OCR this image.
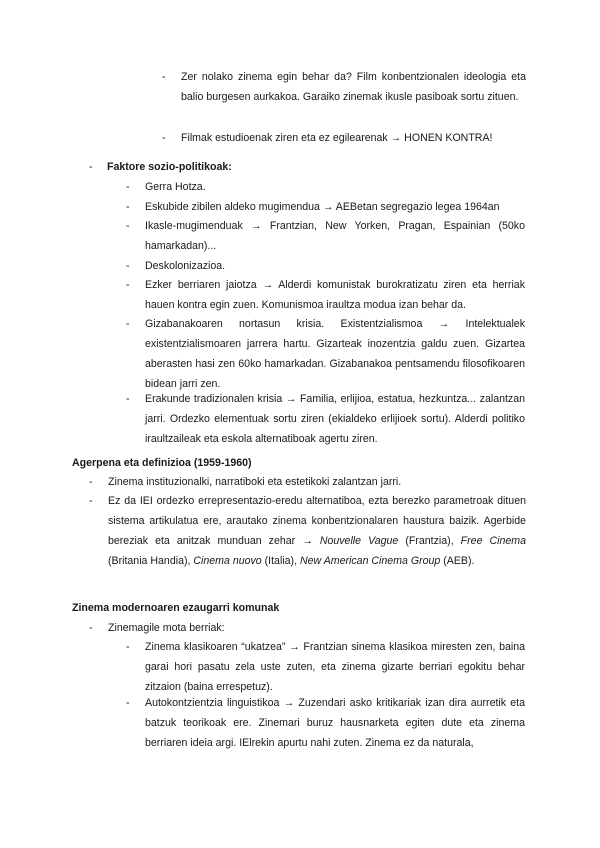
- Zer nolako zinema egin behar da? Film konbentzionalen ideologia eta balio burgesen aurkakoa. Garaiko zinemak ikusle pasiboak sortu zituen.
- Filmak estudioenak ziren eta ez egilearenak → HONEN KONTRA!
- Faktore sozio-politikoak:
- Gerra Hotza.
- Eskubide zibilen aldeko mugimendua → AEBetan segregazio legea 1964an
- Ikasle-mugimenduak → Frantzian, New Yorken, Pragan, Espainian (50ko hamarkadan)...
- Deskolonizazioa.
- Ezker berriaren jaiotza → Alderdi komunistak burokratizatu ziren eta herriak hauen kontra egin zuen. Komunismoa iraultza modua izan behar da.
- Gizabanakoaren nortasun krisia. Existentzialismoa → Intelektualek existentzialismoaren jarrera hartu. Gizarteak inozentzia galdu zuen. Gizartea aberasten hasi zen 60ko hamarkadan. Gizabanakoa pentsamendu filosofikoaren bidean jarri zen.
- Erakunde tradizionalen krisia → Familia, erlijioa, estatua, hezkuntza... zalantzan jarri. Ordezko elementuak sortu ziren (ekialdeko erlijioek sortu). Alderdi politiko iraultzaileak eta eskola alternatiboak agertu ziren.
Agerpena eta definizioa (1959-1960)
- Zinema instituzionalki, narratiboki eta estetikoki zalantzan jarri.
- Ez da IEI ordezko errepresentazio-eredu alternatiboa, ezta berezko parametroak dituen sistema artikulatua ere, arautako zinema konbentzionalaren haustura baizik. Agerbide bereziak eta anitzak munduan zehar → Nouvelle Vague (Frantzia), Free Cinema (Britania Handia), Cinema nuovo (Italia), New American Cinema Group (AEB).
Zinema modernoaren ezaugarri komunak
- Zinemagile mota berriak:
- Zinema klasikoaren “ukatzea” → Frantzian sinema klasikoa miresten zen, baina garai hori pasatu zela uste zuten, eta zinema gizarte berriari egokitu behar zitzaion (baina errespetuz).
- Autokontzientzia linguistikoa → Zuzendari asko kritikariak izan dira aurretik eta batzuk teorikoak ere. Zinemari buruz hausnarketa egiten dute eta zinema berriaren ideia argi. IElrekin apurtu nahi zuten. Zinema ez da naturala,
